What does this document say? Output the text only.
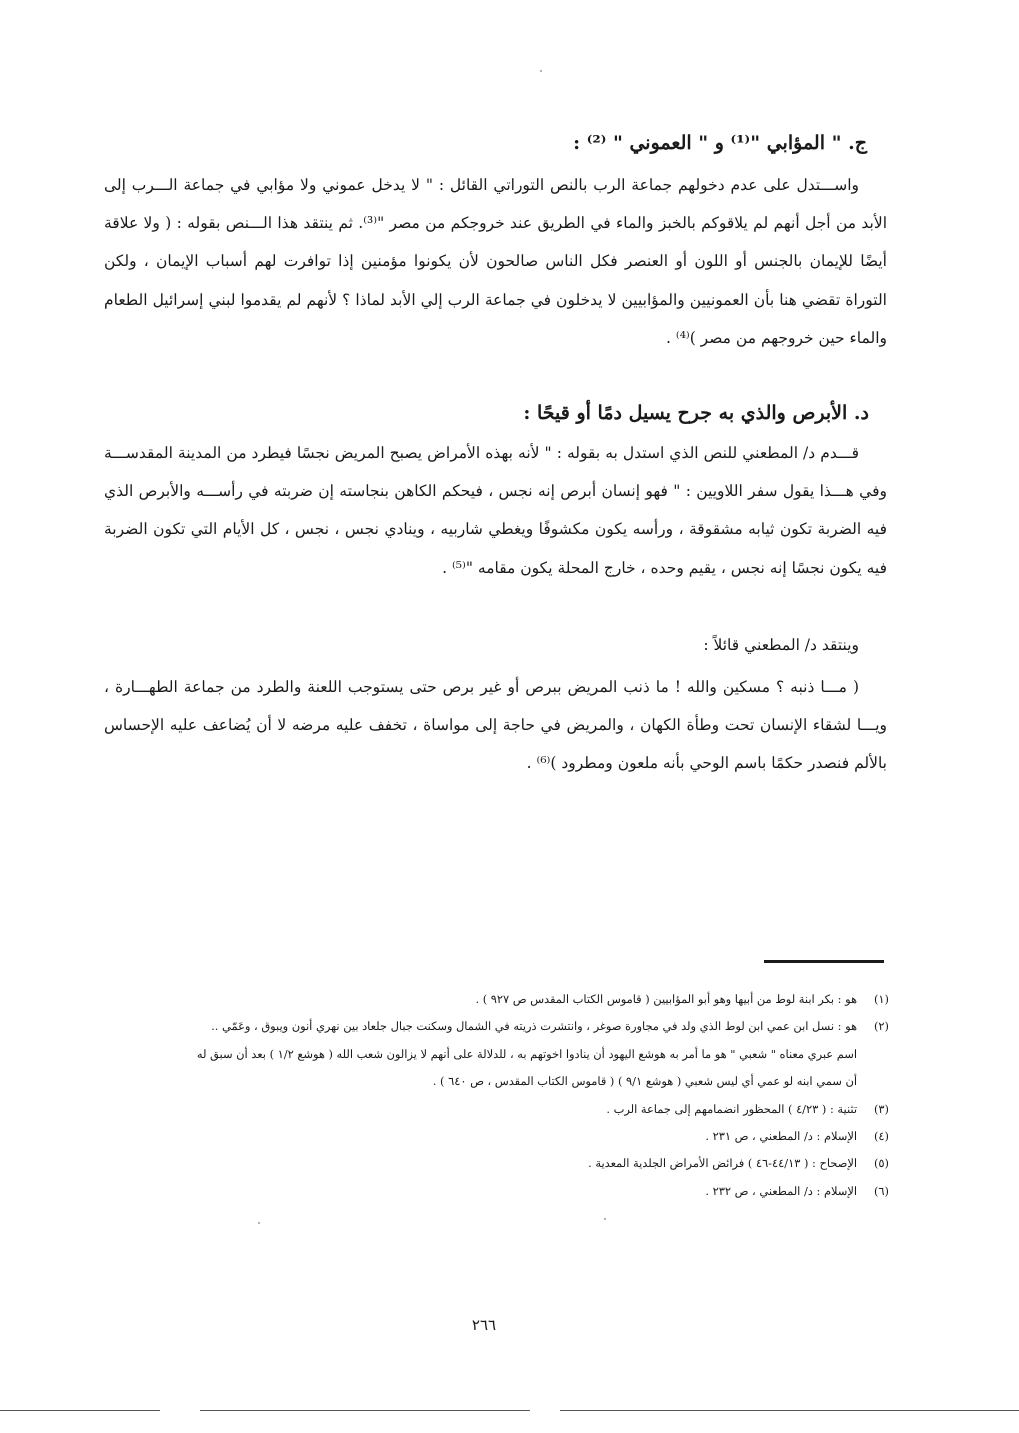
ج. " المؤابي "⁽¹⁾ و " العموني " ⁽²⁾ :

واســـتدل على عدم دخولهم جماعة الرب بالنص التوراتي القائل : " لا يدخل عموني ولا مؤابي في جماعة الـــرب إلى الأبد من أجل أنهم لم يلاقوكم بالخبز والماء في الطريق عند خروجكم من مصر "⁽³⁾. ثم ينتقد هذا الـــنص بقوله : ( ولا علاقة أيضًا للإيمان بالجنس أو اللون أو العنصر فكل الناس صالحون لأن يكونوا مؤمنين إذا توافرت لهم أسباب الإيمان ، ولكن التوراة تقضي هنا بأن العمونيين والمؤابيين لا يدخلون في جماعة الرب إلي الأبد لماذا ؟ لأنهم لم يقدموا لبني إسرائيل الطعام والماء حين خروجهم من مصر )⁽⁴⁾ .

د. الأبرص والذي به جرح يسيل دمًا أو قيحًا :

قـــدم د/ المطعني للنص الذي استدل به بقوله : " لأنه بهذه الأمراض يصبح المريض نجسًا فيطرد من المدينة المقدســـة وفي هـــذا يقول سفر اللاويين : " فهو إنسان أبرص إنه نجس ، فيحكم الكاهن بنجاسته إن ضربته في رأســـه والأبرص الذي فيه الضربة تكون ثيابه مشقوقة ، ورأسه يكون مكشوفًا ويغطي شاربيه ، وينادي نجس ، نجس ، كل الأيام التي تكون الضربة فيه يكون نجسًا إنه نجس ، يقيم وحده ، خارج المحلة يكون مقامه "⁽⁵⁾ .

وينتقد د/ المطعني قائلاً :

( مـــا ذنبه ؟ مسكين والله ! ما ذنب المريض ببرص أو غير برص حتى يستوجب اللعنة والطرد من جماعة الطهـــارة ، ويـــا لشقاء الإنسان تحت وطأة الكهان ، والمريض في حاجة إلى مواساة ، تخفف عليه مرضه لا أن يُضاعف عليه الإحساس بالألم فنصدر حكمًا باسم الوحي بأنه ملعون ومطرود )⁽⁶⁾ .

(١)
هو : بكر ابنة لوط من أبيها وهو أبو المؤابيين ( قاموس الكتاب المقدس ص ٩٢٧ ) .
(٢)
هو : نسل ابن عمي ابن لوط الذي ولد في مجاورة صوغر ، وانتشرت ذريته في الشمال وسكنت جبال جلعاد بين نهري أنون ويبوق ، وعَمّي ..
اسم عبري معناه " شعبي " هو ما أمر به هوشع اليهود أن ينادوا اخوتهم به ، للدلالة على أنهم لا يزالون شعب الله ( هوشع ١/٢ ) بعد أن سبق له
أن سمي ابنه لو عمي أي ليس شعبي ( هوشع ٩/١ ) ( قاموس الكتاب المقدس ، ص ٦٤٠ ) .
(٣)
تثنية : ( ٤/٢٣ ) المحظور انضمامهم إلى جماعة الرب .
(٤)
الإسلام : د/ المطعني ، ص ٢٣١ .
(٥)
الإصحاح : ( ٤٤/١٣-٤٦ ) فرائض الأمراض الجلدية المعدية .
(٦)
الإسلام : د/ المطعني ، ص ٢٣٢ .
٢٦٦
